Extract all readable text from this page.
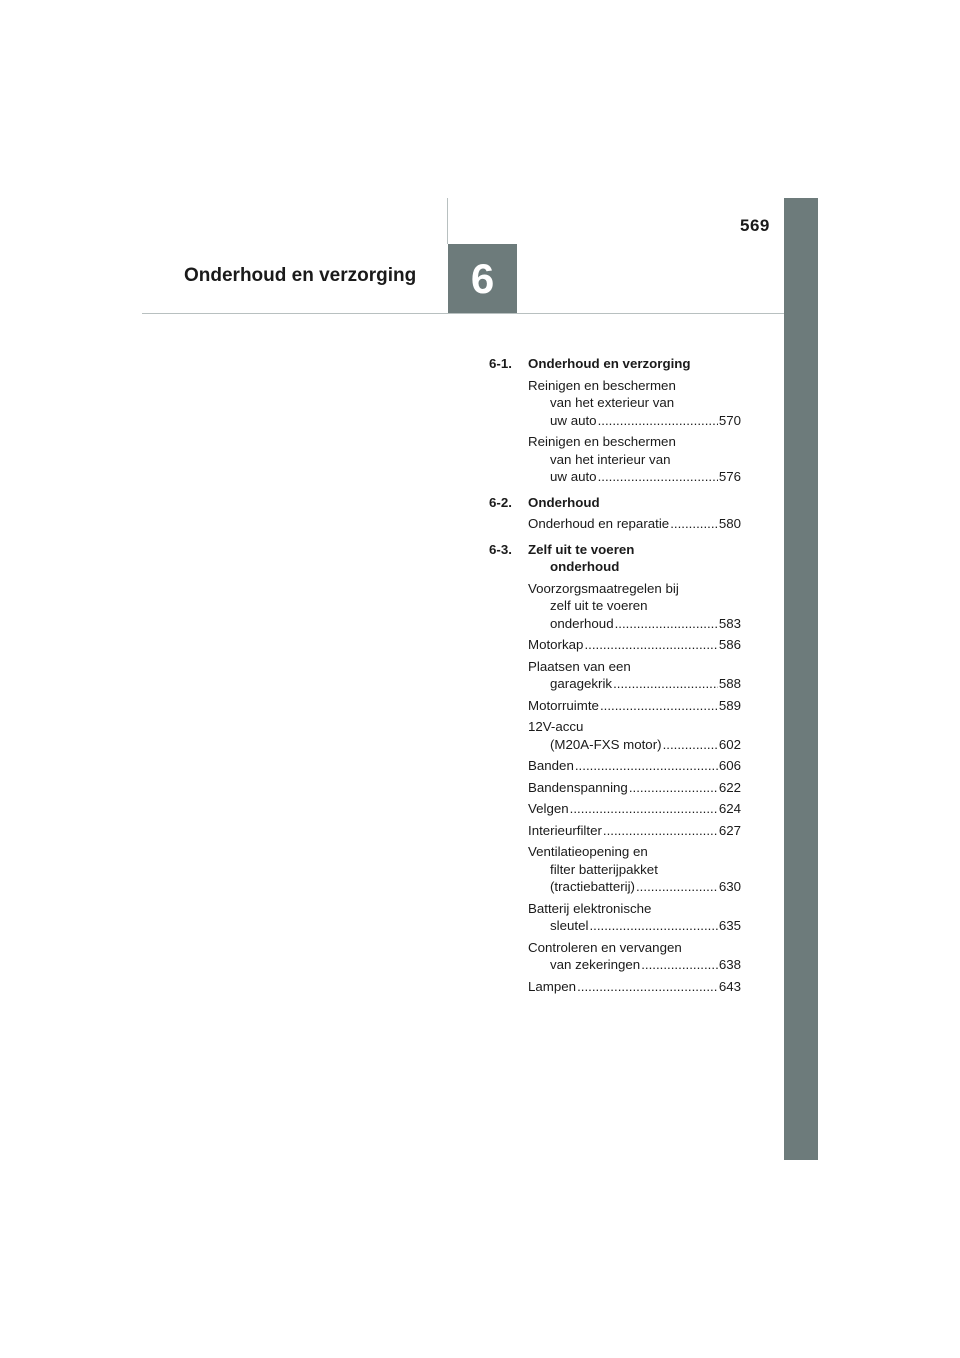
569
Onderhoud en verzorging	6
6-1. Onderhoud en verzorging
Reinigen en beschermen
van het exterieur van
uw auto .....	570
Reinigen en beschermen
van het interieur van
uw auto .....	576
6-2. Onderhoud
Onderhoud en reparatie .....	580
6-3. Zelf uit te voeren
onderhoud
Voorzorgsmaatregelen bij
zelf uit te voeren
onderhoud .....	583
Motorkap .....	586
Plaatsen van een
garagekrik .....	588
Motorruimte .....	589
12V-accu
(M20A-FXS motor) .....	602
Banden .....	606
Bandenspanning .....	622
Velgen .....	624
Interieurfilter .....	627
Ventilatieopening en
filter batterijpakket
(tractiebatterij) .....	630
Batterij elektronische
sleutel .....	635
Controleren en vervangen
van zekeringen .....	638
Lampen .....	643
